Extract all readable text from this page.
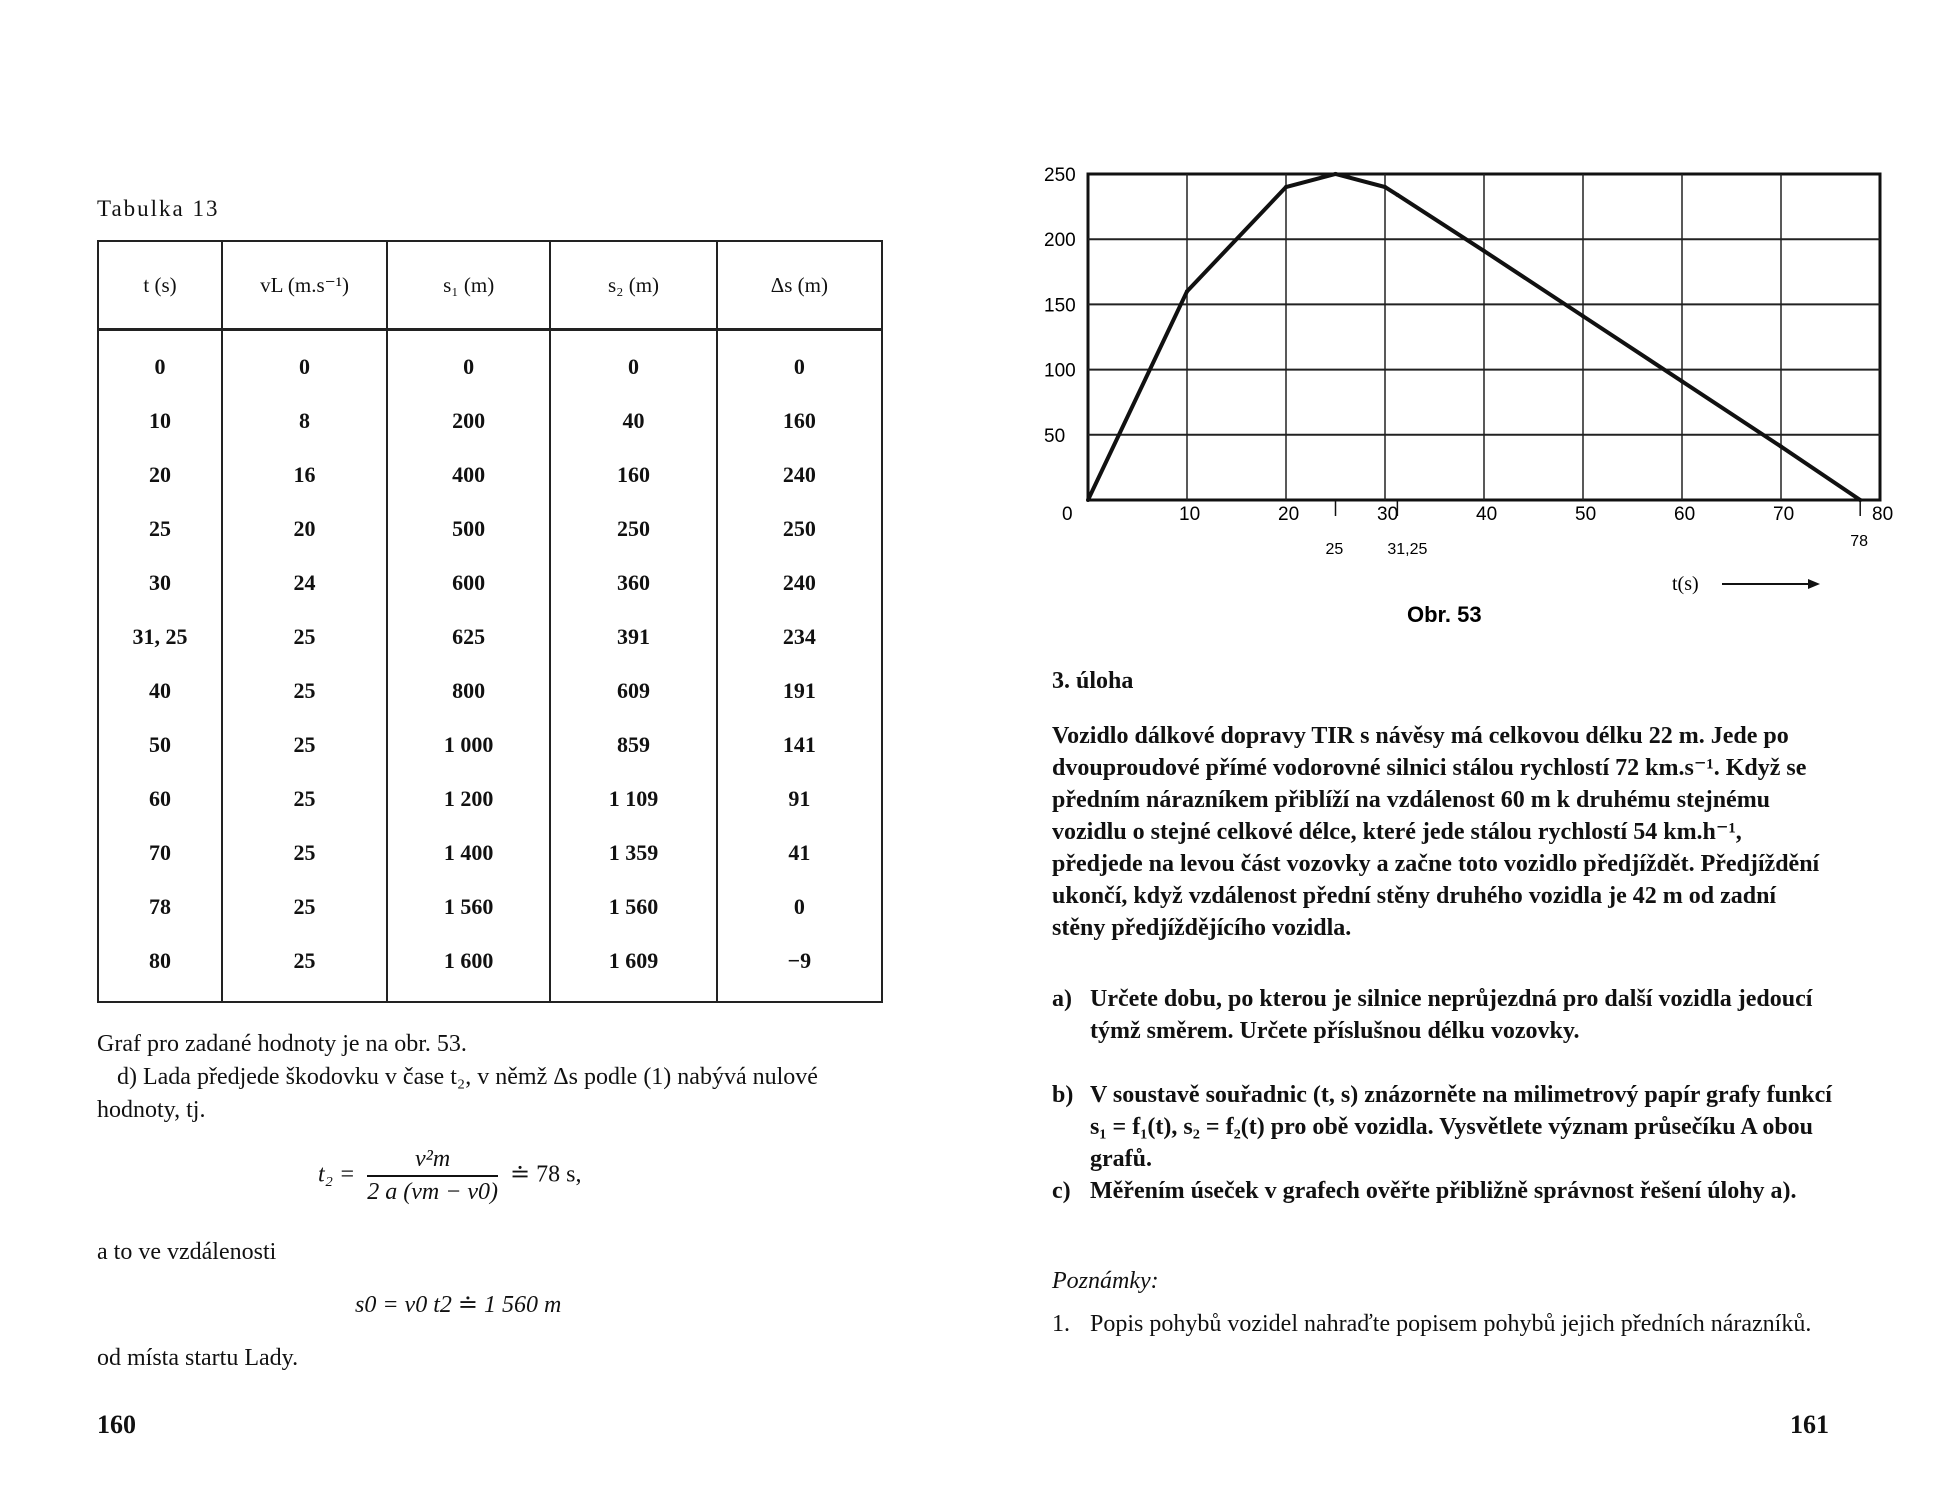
Tabulka 13
t (s)	vL (m.s⁻¹)	s₁ (m)	s₂ (m)	Δs (m)
0	0	0	0	0
10	8	200	40	160
20	16	400	160	240
25	20	500	250	250
30	24	600	360	240
31, 25	25	625	391	234
40	25	800	609	191
50	25	1 000	859	141
60	25	1 200	1 109	91
70	25	1 400	1 359	41
78	25	1 560	1 560	0
80	25	1 600	1 609	−9
Graf pro zadané hodnoty je na obr. 53.
d) Lada předjede škodovku v čase t₂, v němž Δs podle (1) nabývá nulové hodnoty, tj.
$t_2 = \frac{\text{v²m}}{2 a (vm - v0)}$ ≐ 78 s,
a to ve vzdálenosti
s0 = v0 t2 ≐ 1 560 m
od místa startu Lady.
160
250
200
150
100
50
0	10	20	30	40	50	60	70	80
25	31,25	78
t(s)
Obr. 53
3. úloha
Vozidlo dálkové dopravy TIR s návěsy má celkovou délku 22 m. Jede po dvouproudové přímé vodorovné silnici stálou rychlostí 72 km.s⁻¹. Když se předním nárazníkem přiblíží na vzdálenost 60 m k druhému stejnému vozidlu o stejné celkové délce, které jede stálou rychlostí 54 km.h⁻¹, předjede na levou část vozovky a začne toto vozidlo předjíždět. Předjíždění ukončí, když vzdálenost přední stěny druhého vozidla je 42 m od zadní stěny předjíždějícího vozidla.
a) Určete dobu, po kterou je silnice neprůjezdná pro další vozidla jedoucí týmž směrem. Určete příslušnou délku vozovky.
b) V soustavě souřadnic (t, s) znázorněte na milimetrový papír grafy funkcí s₁ = f₁(t), s₂ = f₂(t) pro obě vozidla. Vysvětlete význam průsečíku A obou grafů.
c) Měřením úseček v grafech ověřte přibližně správnost řešení úlohy a).
Poznámky:
1. Popis pohybů vozidel nahraďte popisem pohybů jejich předních nárazníků.
161
